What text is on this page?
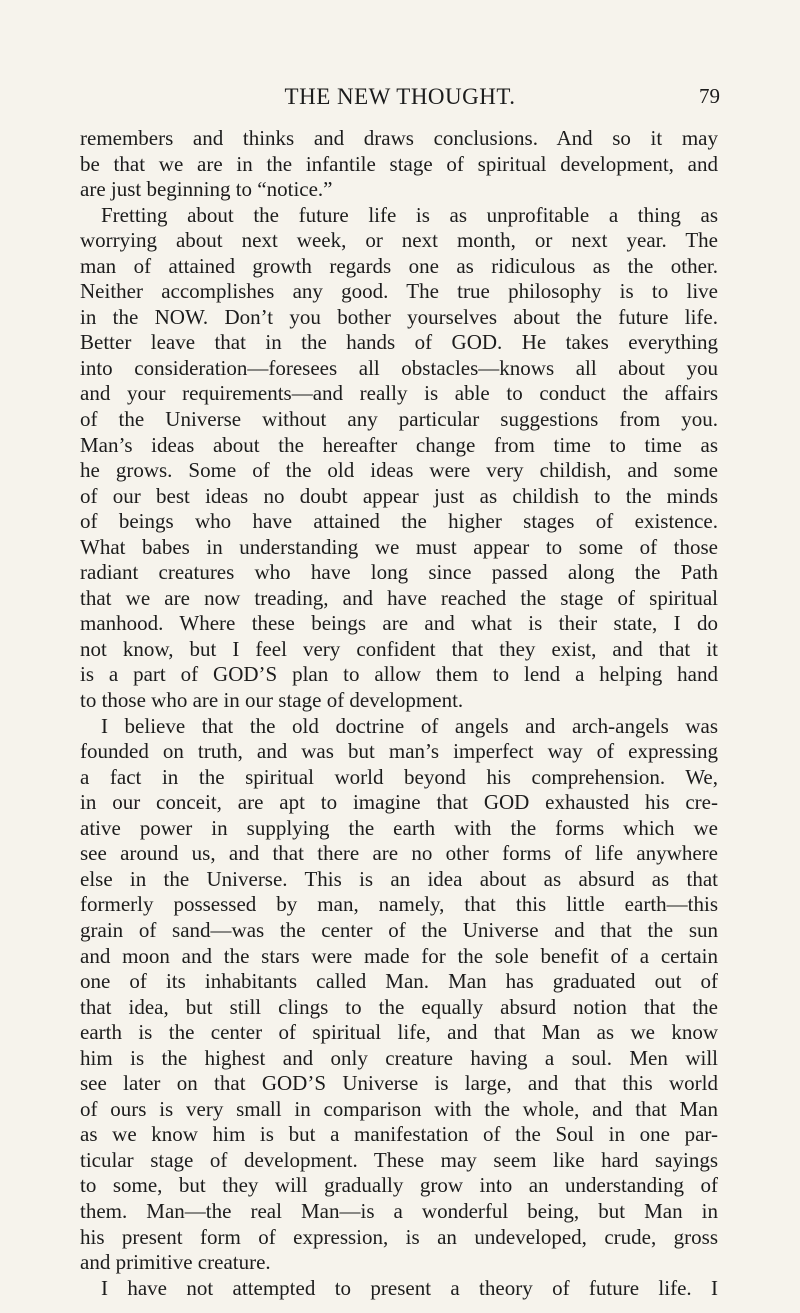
THE NEW THOUGHT.	79
remembers and thinks and draws conclusions. And so it may
be that we are in the infantile stage of spiritual development, and
are just beginning to “notice.”
Fretting about the future life is as unprofitable a thing as
worrying about next week, or next month, or next year. The
man of attained growth regards one as ridiculous as the other.
Neither accomplishes any good. The true philosophy is to live
in the NOW. Don’t you bother yourselves about the future life.
Better leave that in the hands of GOD. He takes everything
into consideration—foresees all obstacles—knows all about you
and your requirements—and really is able to conduct the affairs
of the Universe without any particular suggestions from you.
Man’s ideas about the hereafter change from time to time as
he grows. Some of the old ideas were very childish, and some
of our best ideas no doubt appear just as childish to the minds
of beings who have attained the higher stages of existence.
What babes in understanding we must appear to some of those
radiant creatures who have long since passed along the Path
that we are now treading, and have reached the stage of spiritual
manhood. Where these beings are and what is their state, I do
not know, but I feel very confident that they exist, and that it
is a part of GOD’S plan to allow them to lend a helping hand
to those who are in our stage of development.
I believe that the old doctrine of angels and arch-angels was
founded on truth, and was but man’s imperfect way of expressing
a fact in the spiritual world beyond his comprehension. We,
in our conceit, are apt to imagine that GOD exhausted his cre-
ative power in supplying the earth with the forms which we
see around us, and that there are no other forms of life anywhere
else in the Universe. This is an idea about as absurd as that
formerly possessed by man, namely, that this little earth—this
grain of sand—was the center of the Universe and that the sun
and moon and the stars were made for the sole benefit of a certain
one of its inhabitants called Man. Man has graduated out of
that idea, but still clings to the equally absurd notion that the
earth is the center of spiritual life, and that Man as we know
him is the highest and only creature having a soul. Men will
see later on that GOD’S Universe is large, and that this world
of ours is very small in comparison with the whole, and that Man
as we know him is but a manifestation of the Soul in one par-
ticular stage of development. These may seem like hard sayings
to some, but they will gradually grow into an understanding of
them. Man—the real Man—is a wonderful being, but Man in
his present form of expression, is an undeveloped, crude, gross
and primitive creature.
I have not attempted to present a theory of future life. I
